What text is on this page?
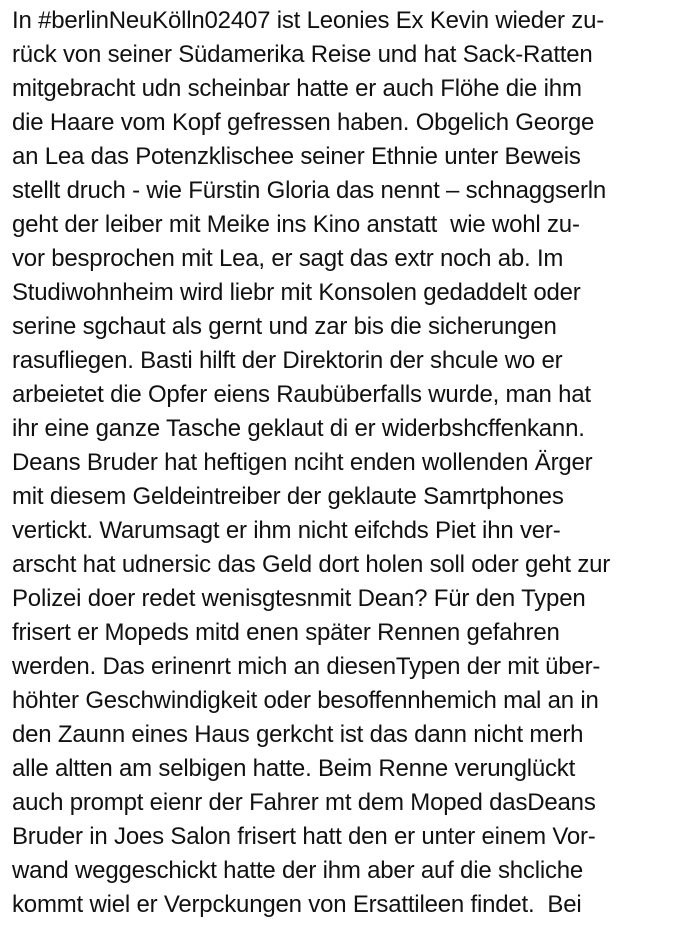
In #berlinNeuKölln02407 ist Leonies Ex Kevin wieder zu-
rück von seiner Südamerika Reise und hat Sack-Ratten
mitgebracht udn scheinbar hatte er auch Flöhe die ihm
die Haare vom Kopf gefressen haben. Obgelich George
an Lea das Potenzklischee seiner Ethnie unter Beweis
stellt druch - wie Fürstin Gloria das nennt – schnaggserln
geht der leiber mit Meike ins Kino anstatt  wie wohl zu-
vor besprochen mit Lea, er sagt das extr noch ab. Im
Studiwohnheim wird liebr mit Konsolen gedaddelt oder
serine sgchaut als gernt und zar bis die sicherungen
rasufliegen. Basti hilft der Direktorin der shcule wo er
arbeietet die Opfer eiens Raubüberfalls wurde, man hat
ihr eine ganze Tasche geklaut di er widerbshcffenkann.
Deans Bruder hat heftigen nciht enden wollenden Ärger
mit diesem Geldeintreiber der geklaute Samrtphones
vertickt. Warumsagt er ihm nicht eifchds Piet ihn ver-
arscht hat udnersic das Geld dort holen soll oder geht zur
Polizei doer redet wenisgtesnmit Dean? Für den Typen
frisert er Mopeds mitd enen später Rennen gefahren
werden. Das erinenrt mich an diesenTypen der mit über-
höhter Geschwindigkeit oder besoffennhemich mal an in
den Zaunn eines Haus gerkcht ist das dann nicht merh
alle altten am selbigen hatte. Beim Renne verunglückt
auch prompt eienr der Fahrer mt dem Moped dasDeans
Bruder in Joes Salon frisert hatt den er unter einem Vor-
wand weggeschickt hatte der ihm aber auf die shcliche
kommt wiel er Verpckungen von Ersattileen findet.  Bei
